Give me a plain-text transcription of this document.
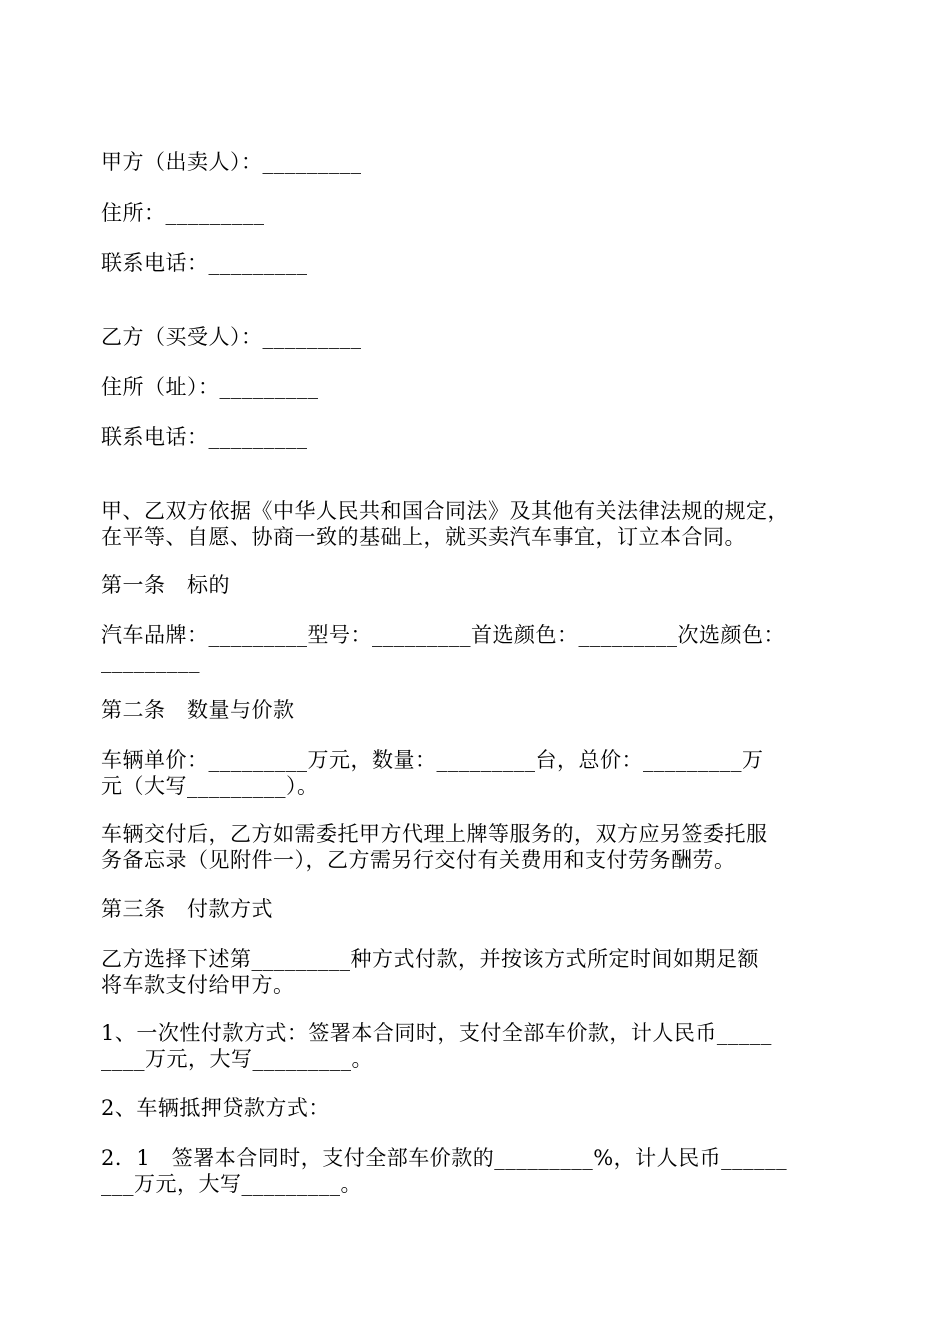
甲方（出卖人）：_________
住所：_________
联系电话：_________
乙方（买受人）：_________
住所（址）：_________
联系电话：_________
甲、乙双方依据《中华人民共和国合同法》及其他有关法律法规的规定，
在平等、自愿、协商一致的基础上，就买卖汽车事宜，订立本合同。
第一条　标的
汽车品牌：_________型号：_________首选颜色：_________次选颜色：
_________
第二条　数量与价款
车辆单价：_________万元，数量：_________台，总价：_________万
元（大写_________）。
车辆交付后，乙方如需委托甲方代理上牌等服务的，双方应另签委托服
务备忘录（见附件一），乙方需另行交付有关费用和支付劳务酬劳。
第三条　付款方式
乙方选择下述第_________种方式付款，并按该方式所定时间如期足额
将车款支付给甲方。
1、一次性付款方式：签署本合同时，支付全部车价款，计人民币_____
____万元，大写_________。
2、车辆抵押贷款方式：
2．1　签署本合同时，支付全部车价款的_________%，计人民币______
___万元，大写_________。
